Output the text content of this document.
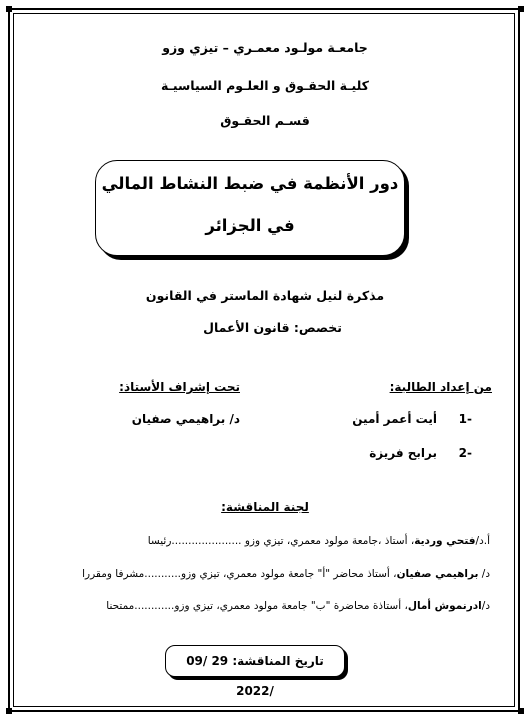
جامعـة مولـود معمـري – تيزي وزو
كليـة الحقـوق و العلـوم السياسيـة
قسـم الحقـوق
دور الأنظمة في ضبط النشاط المالي
في الجزائر
مذكرة لنيل شهادة الماستر في القانون
تخصص: قانون الأعمال
من إعداد الطالبة:
1-
أيت أعمر أمين
2-
برابح فريزة
تحت إشراف الأستاذ:
د/ براهيمي صفيان
لجنة المناقشة:
أ.د/فتحي وردية، أستاذ ،جامعة مولود معمري، تيزي وزو .....................رئيسا
د/ براهيمي صفيان، أستاذ محاضر "أ" جامعة مولود معمري، تيزي وزو...........مشرفا ومقررا
د/ادرنموش أمال، أستاذة محاضرة "ب" جامعة مولود معمري، تيزي وزو............ممتحنا
تاريخ المناقشة: 29 /09 /2022
